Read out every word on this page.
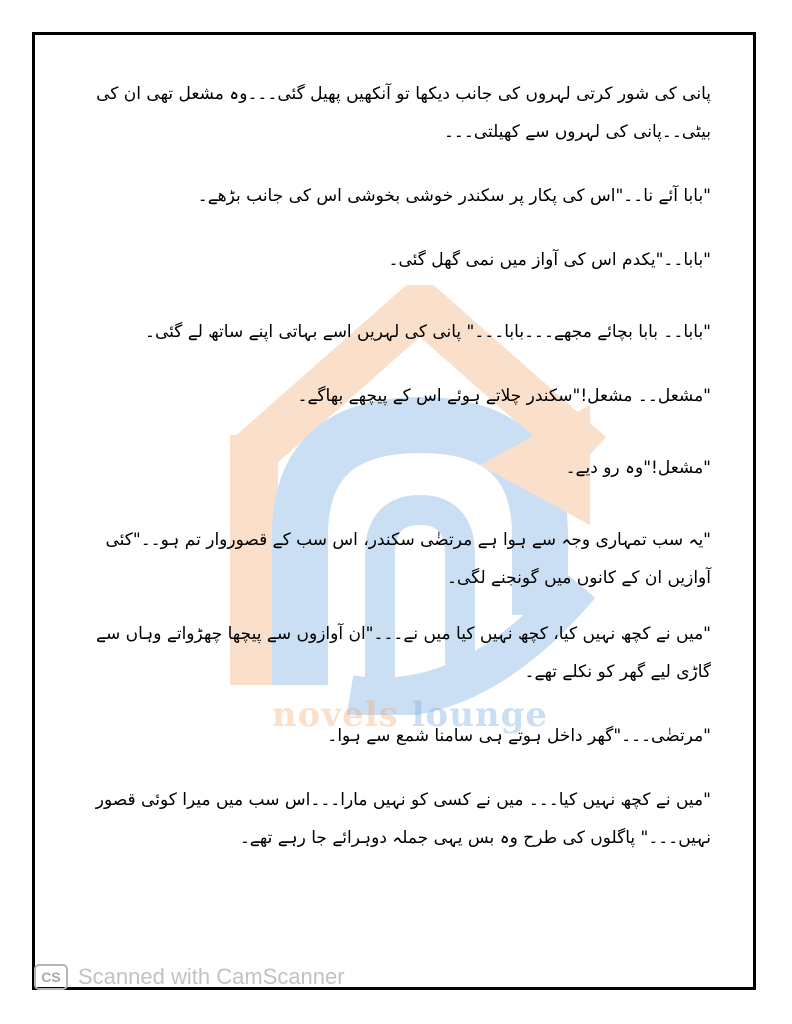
پانی کی شور کرتی لہروں کی جانب دیکھا تو آنکھیں پھیل گئی۔۔۔وہ مشعل تھی ان کی بیٹی۔۔پانی کی لہروں سے کھیلتی۔۔۔

"بابا آئے نا۔۔"اس کی پکار پر سکندر خوشی بخوشی اس کی جانب بڑھے۔

"بابا۔۔"یکدم اس کی آواز میں نمی گھل گئی۔

"بابا۔۔ بابا بچائے مجھے۔۔۔بابا۔۔۔" پانی کی لہریں اسے بہاتی اپنے ساتھ لے گئی۔

"مشعل۔۔ مشعل!"سکندر چلاتے ہوئے اس کے پیچھے بھاگے۔

"مشعل!"وہ رو دیے۔

"یہ سب تمہاری وجہ سے ہوا ہے مرتضٰی سکندر، اس سب کے قصوروار تم ہو۔۔"کئی آوازیں ان کے کانوں میں گونجنے لگی۔

"میں نے کچھ نہیں کیا، کچھ نہیں کیا میں نے۔۔۔"ان آوازوں سے پیچھا چھڑواتے وہاں سے گاڑی لیے گھر کو نکلے تھے۔

"مرتضٰی۔۔۔"گھر داخل ہوتے ہی سامنا شمع سے ہوا۔

"میں نے کچھ نہیں کیا۔۔۔ میں نے کسی کو نہیں مارا۔۔۔اس سب میں میرا کوئی قصور نہیں۔۔۔" پاگلوں کی طرح وہ بس یہی جملہ دوہرائے جا رہے تھے۔

novels lounge
CS Scanned with CamScanner
